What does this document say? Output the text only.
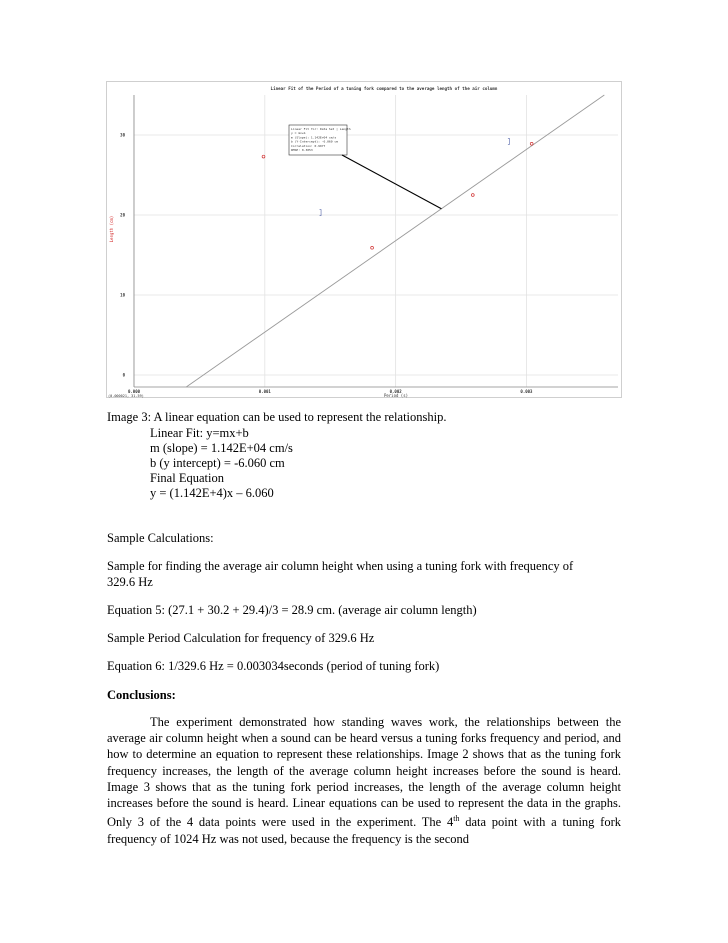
Linear Fit of the Period of a tuning fork compared to the average length of the air column
0.000	0.001	0.002	0.003
0
10
20
30
Period (s)
Length (cm)
(0.000021, 31.59)
Linear Fit for: Data Set | Length
y = mx+b
m (Slope): 1.142E+04 cm/s
b (Y-Intercept): -6.060 cm
Correlation: 0.9977
RMSE: 0.3053
Image 3: A linear equation can be used to represent the relationship.
Linear Fit: y=mx+b
m (slope) = 1.142E+04 cm/s
b (y intercept) = -6.060 cm
Final Equation
y = (1.142E+4)x – 6.060
Sample Calculations:
Sample for finding the average air column height when using a tuning fork with frequency of
329.6 Hz
Equation 5: (27.1 + 30.2 + 29.4)/3 = 28.9 cm. (average air column length)
Sample Period Calculation for frequency of 329.6 Hz
Equation 6: 1/329.6 Hz = 0.003034seconds (period of tuning fork)
Conclusions:
The experiment demonstrated how standing waves work, the relationships between the average air column height when a sound can be heard versus a tuning forks frequency and period, and how to determine an equation to represent these relationships. Image 2 shows that as the tuning fork frequency increases, the length of the average column height increases before the sound is heard. Image 3 shows that as the tuning fork period increases, the length of the average column height increases before the sound is heard. Linear equations can be used to represent the data in the graphs. Only 3 of the 4 data points were used in the experiment. The 4th data point with a tuning fork frequency of 1024 Hz was not used, because the frequency is the second
